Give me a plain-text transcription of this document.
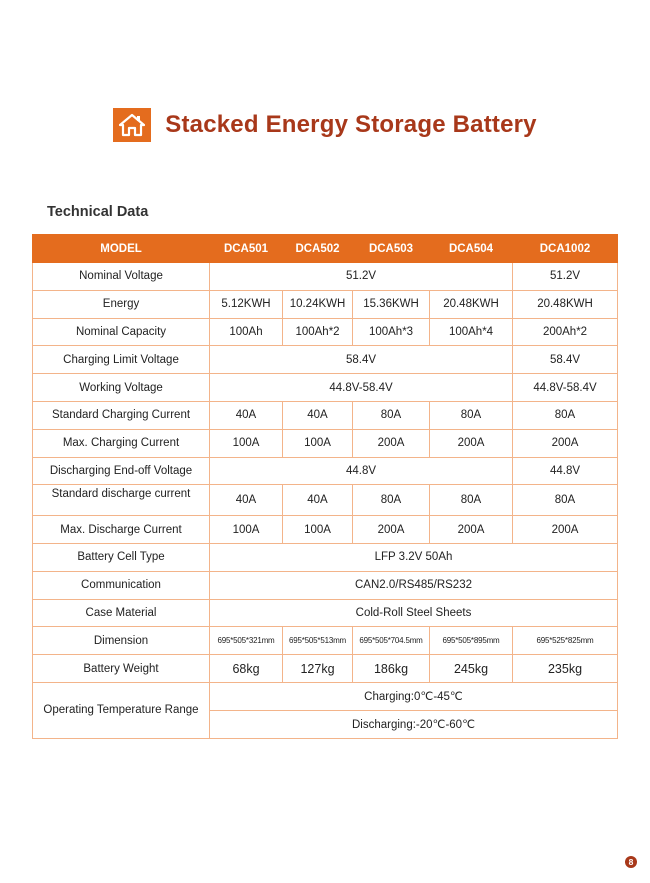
Stacked Energy Storage Battery
Technical Data
MODEL	DCA501	DCA502	DCA503	DCA504	DCA1002
Nominal Voltage	51.2V				51.2V
Energy	5.12KWH	10.24KWH	15.36KWH	20.48KWH	20.48KWH
Nominal Capacity	100Ah	100Ah*2	100Ah*3	100Ah*4	200Ah*2
Charging Limit Voltage	58.4V				58.4V
Working Voltage	44.8V-58.4V				44.8V-58.4V
Standard Charging Current	40A	40A	80A	80A	80A
Max. Charging Current	100A	100A	200A	200A	200A
Discharging End-off Voltage	44.8V				44.8V
Standard discharge current	40A	40A	80A	80A	80A
Max. Discharge Current	100A	100A	200A	200A	200A
Battery Cell Type	LFP 3.2V 50Ah				
Communication	CAN2.0/RS485/RS232				
Case Material	Cold-Roll Steel Sheets				
Dimension	695*505*321mm	695*505*513mm	695*505*704.5mm	695*505*895mm	695*525*825mm
Battery Weight	68kg	127kg	186kg	245kg	235kg
Operating Temperature Range	Charging:0℃-45℃				
	Discharging:-20℃-60℃				
8
